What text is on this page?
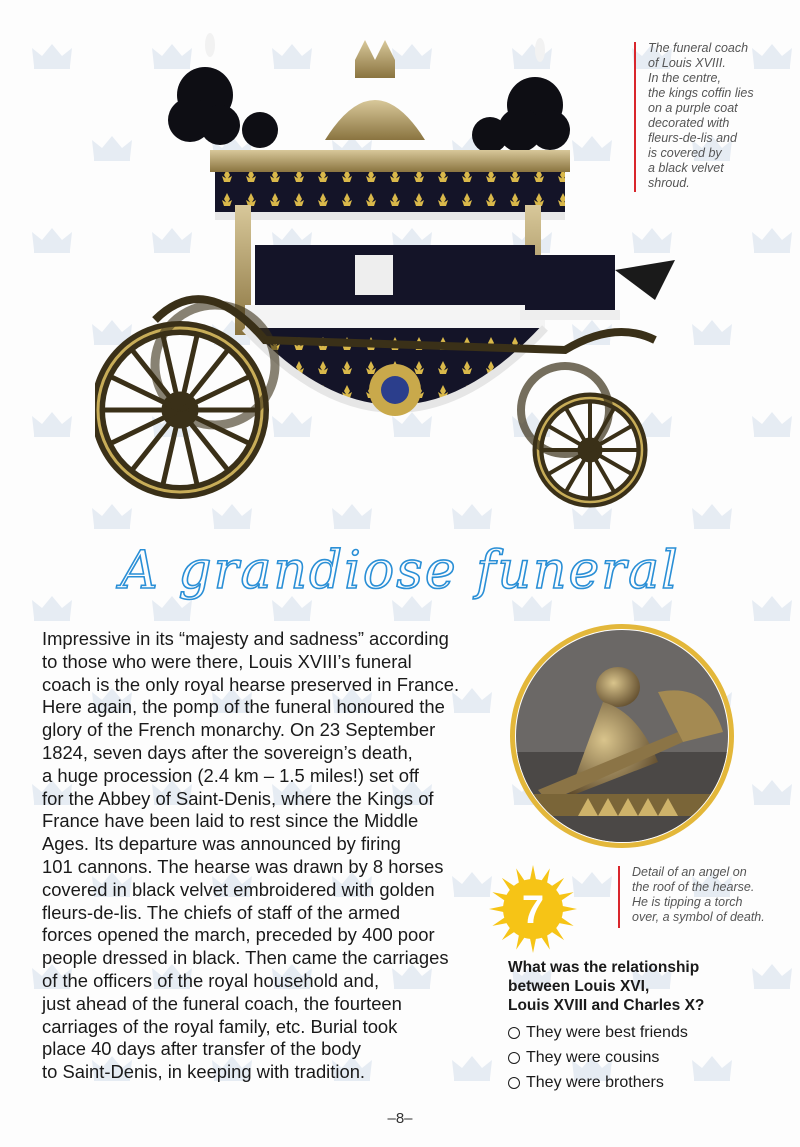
The funeral coach
of Louis XVIII.
In the centre,
the kings coffin lies
on a purple coat
decorated with
fleurs-de-lis and
is covered by
a black velvet
shroud.
A grandiose funeral
Impressive in its “majesty and sadness” according
to those who were there, Louis XVIII’s funeral
coach is the only royal hearse preserved in France.
Here again, the pomp of the funeral honoured the
glory of the French monarchy. On 23 September
1824, seven days after the sovereign’s death,
a huge procession (2.4 km – 1.5 miles!) set off
for the Abbey of Saint-Denis, where the Kings of
France have been laid to rest since the Middle
Ages. Its departure was announced by firing
101 cannons. The hearse was drawn by 8 horses
covered in black velvet embroidered with golden
fleurs-de-lis. The chiefs of staff of the armed
forces opened the march, preceded by 400 poor
people dressed in black. Then came the carriages
of the officers of the royal household and,
just ahead of the funeral coach, the fourteen
carriages of the royal family, etc. Burial took
place 40 days after transfer of the body
to Saint-Denis, in keeping with tradition.
Detail of an angel on
the roof of the hearse.
He is tipping a torch
over, a symbol of death.
7
What was the relationship
between Louis XVI,
Louis XVIII and Charles X?
They were best friends
They were cousins
They were brothers
–8–
